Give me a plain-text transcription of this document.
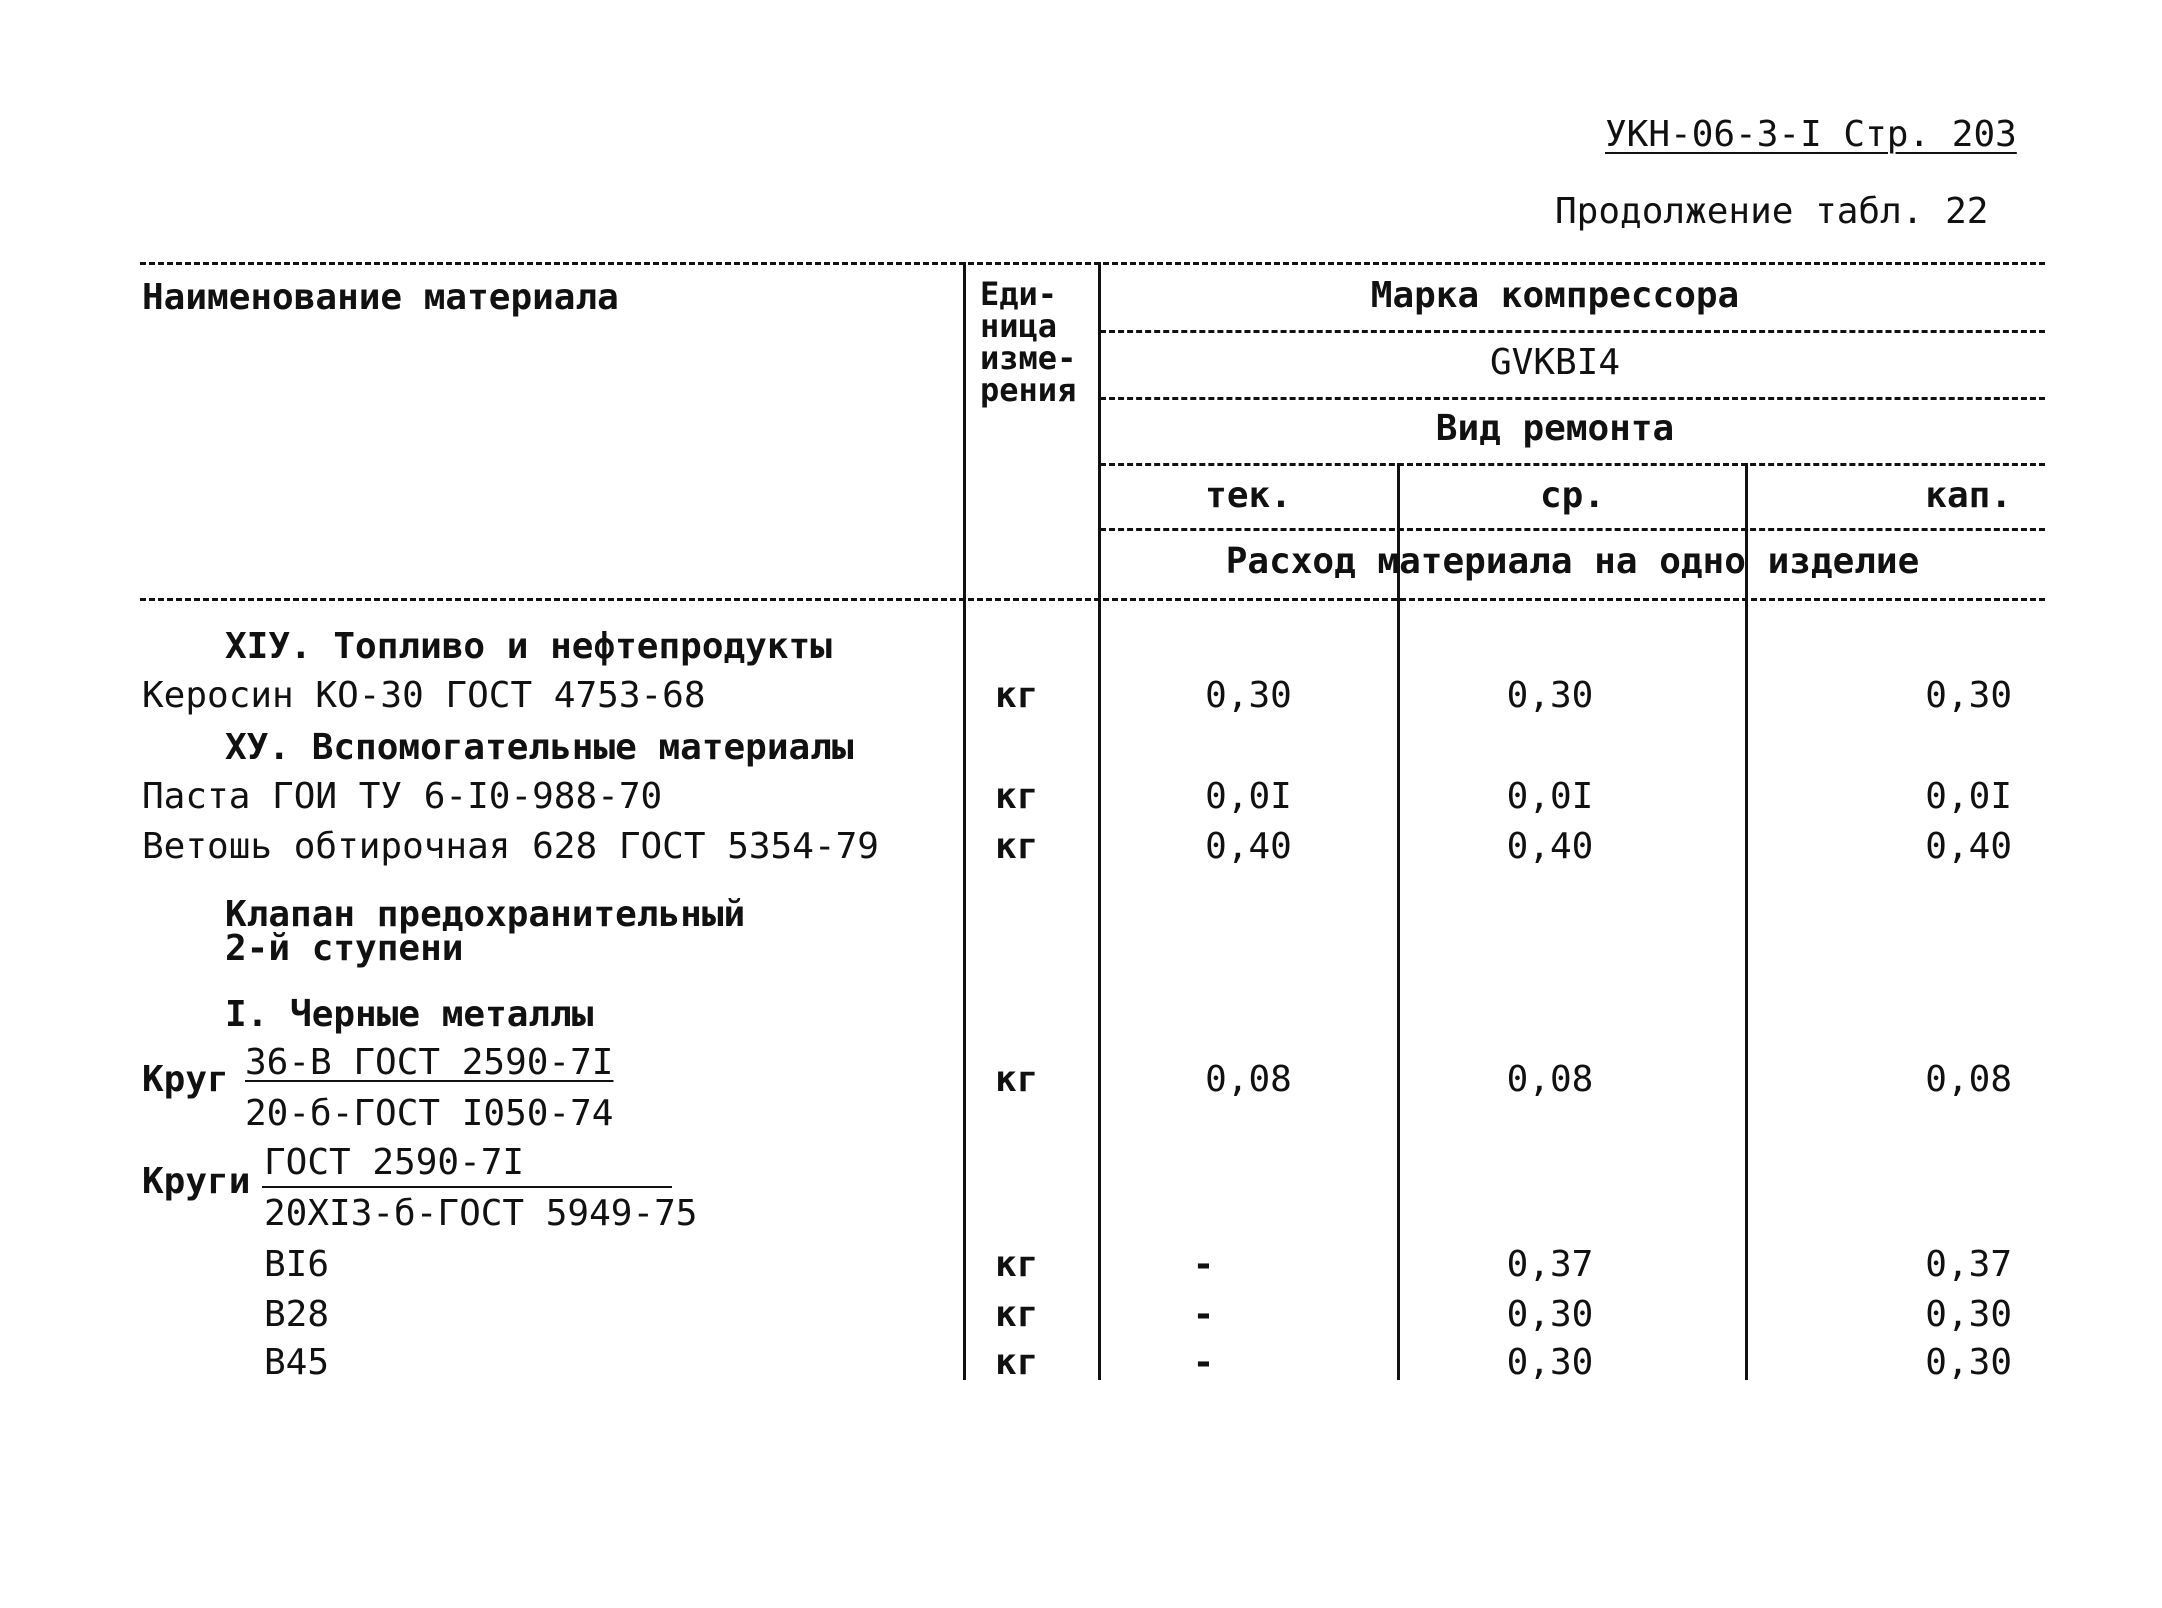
УКН-06-3-I Стр. 203
Продолжение табл. 22
Наименование материала	Еди-
ница
изме-
рения
Марка компрессора
GVKBI4
Вид ремонта
тек.	ср.	кап.
Расход материала на одно изделие
XIУ. Топливо и нефтепродукты
Керосин КО-30 ГОСТ 4753-68	кг	0,30	0,30	0,30
ХУ. Вспомогательные материалы
Паста ГОИ ТУ 6-I0-988-70	кг	0,0I	0,0I	0,0I
Ветошь обтирочная 628 ГОСТ 5354-79	кг	0,40	0,40	0,40
Клапан предохранительный
2-й ступени
I. Черные металлы
Круг 36-В ГОСТ 2590-7I
20-б-ГОСТ I050-74
кг	0,08	0,08	0,08
Круги ГОСТ 2590-7I
20XI3-б-ГОСТ 5949-75
BI6	кг	-	0,37	0,37
B28	кг	-	0,30	0,30
B45	кг	-	0,30	0,30
